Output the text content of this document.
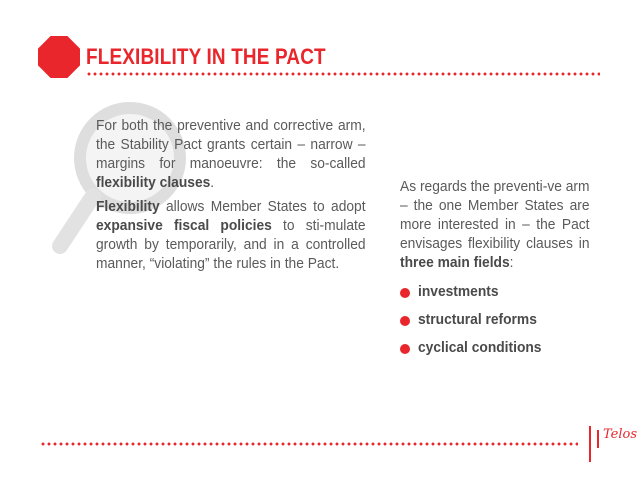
FLEXIBILITY IN THE PACT

For both the preventive and corrective arm, the Stability Pact grants certain – narrow – margins for manoeuvre: the so-called flexibility clauses.

Flexibility allows Member States to adopt expansive fiscal policies to sti-mulate growth by temporarily, and in a controlled manner, “violating” the rules in the Pact.

As regards the preventi-ve arm – the one Member States are more interested in – the Pact envisages flexibility clauses in three main fields:

investments
structural reforms
cyclical conditions
Telos
